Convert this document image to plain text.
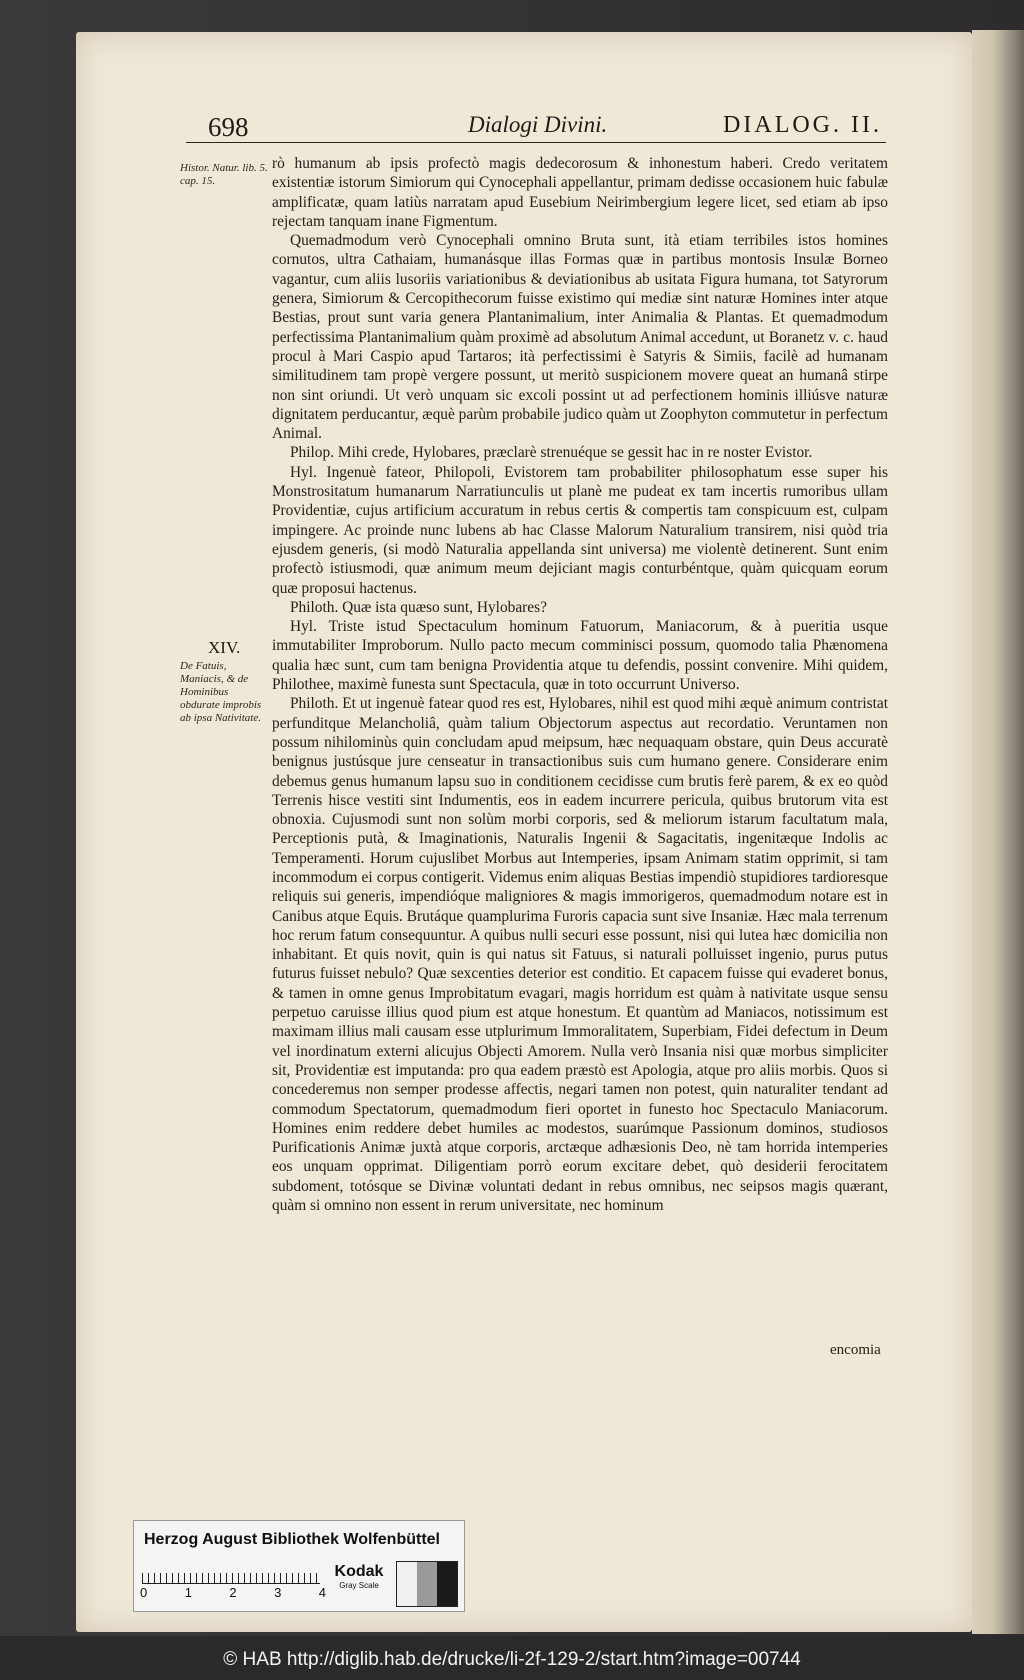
698	Dialogi Divini.	DIALOG. II.
Histor. Natur. lib. 5. cap. 15.
XIV.
De Fatuis, Maniacis, & de Hominibus obdurate improbis ab ipsa Nativitate.

rò humanum ab ipsis profectò magis dedecorosum & inhonestum haberi. Credo veritatem existentiæ istorum Simiorum qui Cynocephali appellantur, primam dedisse occasionem huic fabulæ amplificatæ, quam latiùs narratam apud Eusebium Neirimbergium legere licet, sed etiam ab ipso rejectam tanquam inane Figmentum.

Quemadmodum verò Cynocephali omnino Bruta sunt, ità etiam terribiles istos homines cornutos, ultra Cathaiam, humanásque illas Formas quæ in partibus montosis Insulæ Borneo vagantur, cum aliis lusoriis variationibus & deviationibus ab usitata Figura humana, tot Satyrorum genera, Simiorum & Cercopithecorum fuisse existimo qui mediæ sint naturæ Homines inter atque Bestias, prout sunt varia genera Plantanimalium, inter Animalia & Plantas. Et quemadmodum perfectissima Plantanimalium quàm proximè ad absolutum Animal accedunt, ut Boranetz v. c. haud procul à Mari Caspio apud Tartaros; ità perfectissimi è Satyris & Simiis, facilè ad humanam similitudinem tam propè vergere possunt, ut meritò suspicionem movere queat an humanâ stirpe non sint oriundi. Ut verò unquam sic excoli possint ut ad perfectionem hominis illiúsve naturæ dignitatem perducantur, æquè parùm probabile judico quàm ut Zoophyton commutetur in perfectum Animal.

Philop. Mihi crede, Hylobares, præclarè strenuéque se gessit hac in re noster Evistor.

Hyl. Ingenuè fateor, Philopoli, Evistorem tam probabiliter philosophatum esse super his Monstrositatum humanarum Narratiunculis ut planè me pudeat ex tam incertis rumoribus ullam Providentiæ, cujus artificium accuratum in rebus certis & compertis tam conspicuum est, culpam impingere. Ac proinde nunc lubens ab hac Classe Malorum Naturalium transirem, nisi quòd tria ejusdem generis, (si modò Naturalia appellanda sint universa) me violentè detinerent. Sunt enim profectò istiusmodi, quæ animum meum dejiciant magis conturbéntque, quàm quicquam eorum quæ proposui hactenus.

Philoth. Quæ ista quæso sunt, Hylobares?

Hyl. Triste istud Spectaculum hominum Fatuorum, Maniacorum, & à pueritia usque immutabiliter Improborum. Nullo pacto mecum comminisci possum, quomodo talia Phænomena qualia hæc sunt, cum tam benigna Providentia atque tu defendis, possint convenire. Mihi quidem, Philothee, maximè funesta sunt Spectacula, quæ in toto occurrunt Universo.

Philoth. Et ut ingenuè fatear quod res est, Hylobares, nihil est quod mihi æquè animum contristat perfunditque Melancholiâ, quàm talium Objectorum aspectus aut recordatio. Veruntamen non possum nihilominùs quin concludam apud meipsum, hæc nequaquam obstare, quin Deus accuratè benignus justúsque jure censeatur in transactionibus suis cum humano genere. Considerare enim debemus genus humanum lapsu suo in conditionem cecidisse cum brutis ferè parem, & ex eo quòd Terrenis hisce vestiti sint Indumentis, eos in eadem incurrere pericula, quibus brutorum vita est obnoxia. Cujusmodi sunt non solùm morbi corporis, sed & meliorum istarum facultatum mala, Perceptionis putà, & Imaginationis, Naturalis Ingenii & Sagacitatis, ingenitæque Indolis ac Temperamenti. Horum cujuslibet Morbus aut Intemperies, ipsam Animam statim opprimit, si tam incommodum ei corpus contigerit. Videmus enim aliquas Bestias impendiò stupidiores tardioresque reliquis sui generis, impendióque maligniores & magis immorigeros, quemadmodum notare est in Canibus atque Equis. Brutáque quamplurima Furoris capacia sunt sive Insaniæ. Hæc mala terrenum hoc rerum fatum consequuntur. A quibus nulli securi esse possunt, nisi qui lutea hæc domicilia non inhabitant. Et quis novit, quin is qui natus sit Fatuus, si naturali polluisset ingenio, purus putus futurus fuisset nebulo? Quæ sexcenties deterior est conditio. Et capacem fuisse qui evaderet bonus, & tamen in omne genus Improbitatum evagari, magis horridum est quàm à nativitate usque sensu perpetuo caruisse illius quod pium est atque honestum. Et quantùm ad Maniacos, notissimum est maximam illius mali causam esse utplurimum Immoralitatem, Superbiam, Fidei defectum in Deum vel inordinatum externi alicujus Objecti Amorem. Nulla verò Insania nisi quæ morbus simpliciter sit, Providentiæ est imputanda: pro qua eadem præstò est Apologia, atque pro aliis morbis. Quos si concederemus non semper prodesse affectis, negari tamen non potest, quin naturaliter tendant ad commodum Spectatorum, quemadmodum fieri oportet in funesto hoc Spectaculo Maniacorum. Homines enim reddere debet humiles ac modestos, suarúmque Passionum dominos, studiosos Purificationis Animæ juxtà atque corporis, arctæque adhæsionis Deo, nè tam horrida intemperies eos unquam opprimat. Diligentiam porrò eorum excitare debet, quò desiderii ferocitatem subdoment, totósque se Divinæ voluntati dedant in rebus omnibus, nec seipsos magis quærant, quàm si omnino non essent in rerum universitate, nec hominum

encomia
Herzog August Bibliothek Wolfenbüttel
0	1	2	3	4
Kodak
Gray Scale
© HAB http://diglib.hab.de/drucke/li-2f-129-2/start.htm?image=00744
